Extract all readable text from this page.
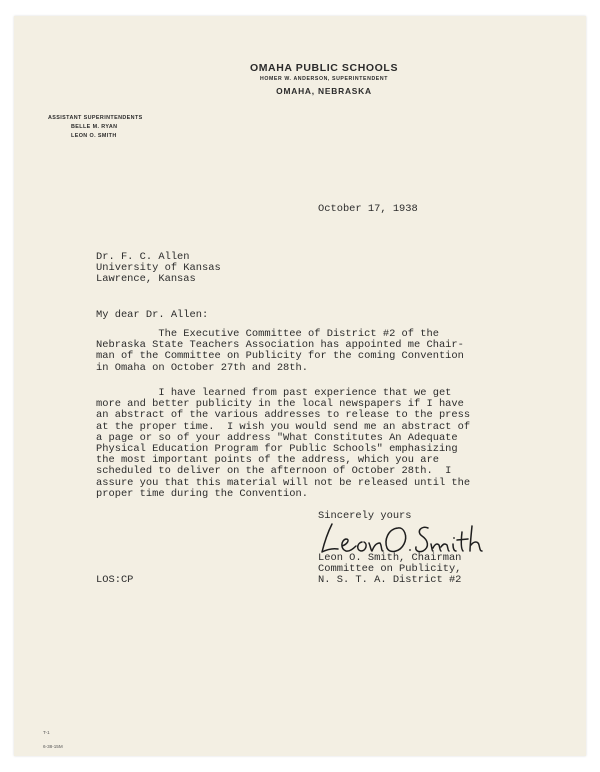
OMAHA PUBLIC SCHOOLS
HOMER W. ANDERSON, SUPERINTENDENT
OMAHA, NEBRASKA
ASSISTANT SUPERINTENDENTS
BELLE M. RYAN
LEON O. SMITH
October 17, 1938
Dr. F. C. Allen
University of Kansas
Lawrence, Kansas
My dear Dr. Allen:
The Executive Committee of District #2 of the
Nebraska State Teachers Association has appointed me Chair-
man of the Committee on Publicity for the coming Convention
in Omaha on October 27th and 28th.
I have learned from past experience that we get
more and better publicity in the local newspapers if I have
an abstract of the various addresses to release to the press
at the proper time.  I wish you would send me an abstract of
a page or so of your address "What Constitutes An Adequate
Physical Education Program for Public Schools" emphasizing
the most important points of the address, which you are
scheduled to deliver on the afternoon of October 28th.  I
assure you that this material will not be released until the
proper time during the Convention.
Sincerely yours
Leon O. Smith, Chairman
Committee on Publicity,
N. S. T. A. District #2
LOS:CP
T-1
6-38-15M
